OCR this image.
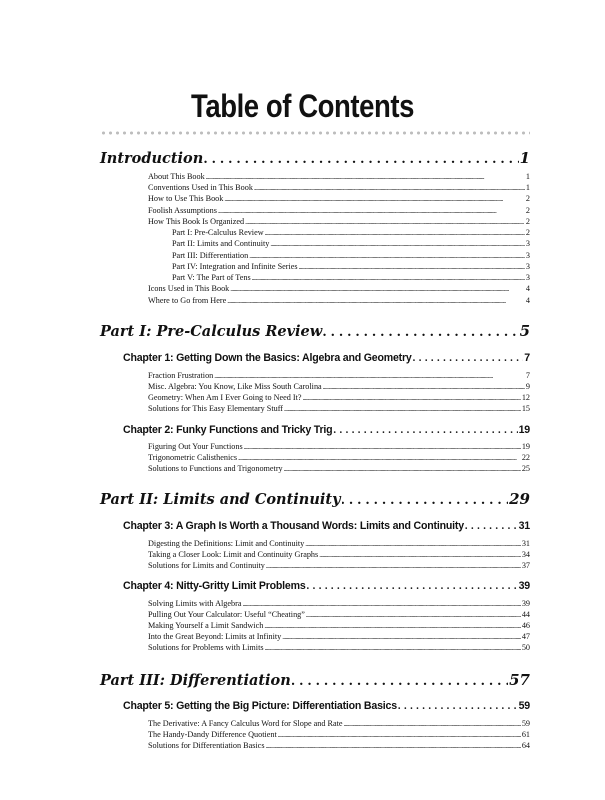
Table of Contents
Introduction . . .	1
About This Book . . .	1
Conventions Used in This Book . . .	1
How to Use This Book . . .	2
Foolish Assumptions . . .	2
How This Book Is Organized . . .	2
Part I: Pre-Calculus Review . . .	2
Part II: Limits and Continuity . . .	3
Part III: Differentiation . . .	3
Part IV: Integration and Infinite Series . . .	3
Part V: The Part of Tens . . .	3
Icons Used in This Book . . .	4
Where to Go from Here . . .	4
Part I: Pre-Calculus Review . . .	5
Chapter 1: Getting Down the Basics: Algebra and Geometry . . .	7
Fraction Frustration . . .	7
Misc. Algebra: You Know, Like Miss South Carolina . . .	9
Geometry: When Am I Ever Going to Need It? . . .	12
Solutions for This Easy Elementary Stuff . . .	15
Chapter 2: Funky Functions and Tricky Trig . . .	19
Figuring Out Your Functions . . .	19
Trigonometric Calisthenics . . .	22
Solutions to Functions and Trigonometry . . .	25
Part II: Limits and Continuity . . .	29
Chapter 3: A Graph Is Worth a Thousand Words: Limits and Continuity . . .	31
Digesting the Definitions: Limit and Continuity . . .	31
Taking a Closer Look: Limit and Continuity Graphs . . .	34
Solutions for Limits and Continuity . . .	37
Chapter 4: Nitty-Gritty Limit Problems . . .	39
Solving Limits with Algebra . . .	39
Pulling Out Your Calculator: Useful “Cheating” . . .	44
Making Yourself a Limit Sandwich . . .	46
Into the Great Beyond: Limits at Infinity . . .	47
Solutions for Problems with Limits . . .	50
Part III: Differentiation . . .	57
Chapter 5: Getting the Big Picture: Differentiation Basics . . .	59
The Derivative: A Fancy Calculus Word for Slope and Rate . . .	59
The Handy-Dandy Difference Quotient . . .	61
Solutions for Differentiation Basics . . .	64
